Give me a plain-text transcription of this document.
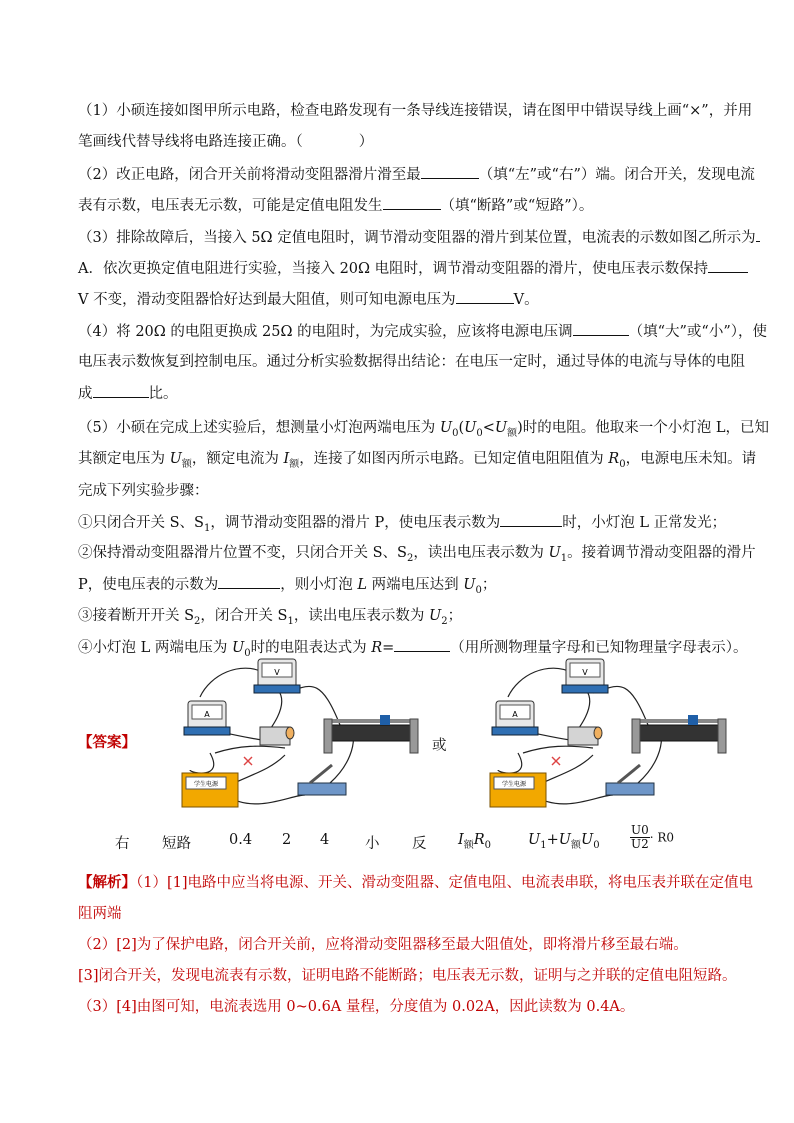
（1）小硕连接如图甲所示电路，检查电路发现有一条导线连接错误，请在图甲中错误导线上画“×”，并用
笔画线代替导线将电路连接正确。（	）
（2）改正电路，闭合开关前将滑动变阻器滑片滑至最	（填“左”或“右”）端。闭合开关，发现电流
表有示数，电压表无示数，可能是定值电阻发生	（填“断路”或“短路”）。
（3）排除故障后，当接入 5Ω 定值电阻时，调节滑动变阻器的滑片到某位置，电流表的示数如图乙所示为
A．依次更换定值电阻进行实验，当接入 20Ω 电阻时，调节滑动变阻器的滑片，使电压表示数保持
V 不变，滑动变阻器恰好达到最大阻值，则可知电源电压为	V。
（4）将 20Ω 的电阻更换成 25Ω 的电阻时，为完成实验，应该将电源电压调	（填“大”或“小”），使
电压表示数恢复到控制电压。通过分析实验数据得出结论：在电压一定时，通过导体的电流与导体的电阻
成	比。
（5）小硕在完成上述实验后，想测量小灯泡两端电压为 $U_0(U_0<U_额)$时的电阻。他取来一个小灯泡 L，已知
其额定电压为 $U_额$，额定电流为 $I_额$，连接了如图丙所示电路。已知定值电阻阻值为 $R_0$，电源电压未知。请
完成下列实验步骤：
①只闭合开关 S、$S_1$，调节滑动变阻器的滑片 P，使电压表示数为	时，小灯泡 L 正常发光；
②保持滑动变阻器滑片位置不变，只闭合开关 S、$S_2$，读出电压表示数为 $U_1$。接着调节滑动变阻器的滑片
P，使电压表的示数为	，则小灯泡 L 两端电压达到 $U_0$；
③接着断开开关 $S_2$，闭合开关 $S_1$，读出电压表示数为 $U_2$；
④小灯泡 L 两端电压为 $U_0$时的电阻表达式为 R=	（用所测物理量字母和已知物理量字母表示）。
【答案】	或
V
A
学生电源
V
A
学生电源
右 短路	0.4 2 4 小 反 $I_额R_0$	$U_1+U_额U_0$	$\frac{U0}{U2} \cdot R0$
【解析】（1）[1]电路中应当将电源、开关、滑动变阻器、定值电阻、电流表串联，将电压表并联在定值电
阻两端
（2）[2]为了保护电路，闭合开关前，应将滑动变阻器移至最大阻值处，即将滑片移至最右端。
[3]闭合开关，发现电流表有示数，证明电路不能断路；电压表无示数，证明与之并联的定值电阻短路。
（3）[4]由图可知，电流表选用 0~0.6A 量程，分度值为 0.02A，因此读数为 0.4A。
